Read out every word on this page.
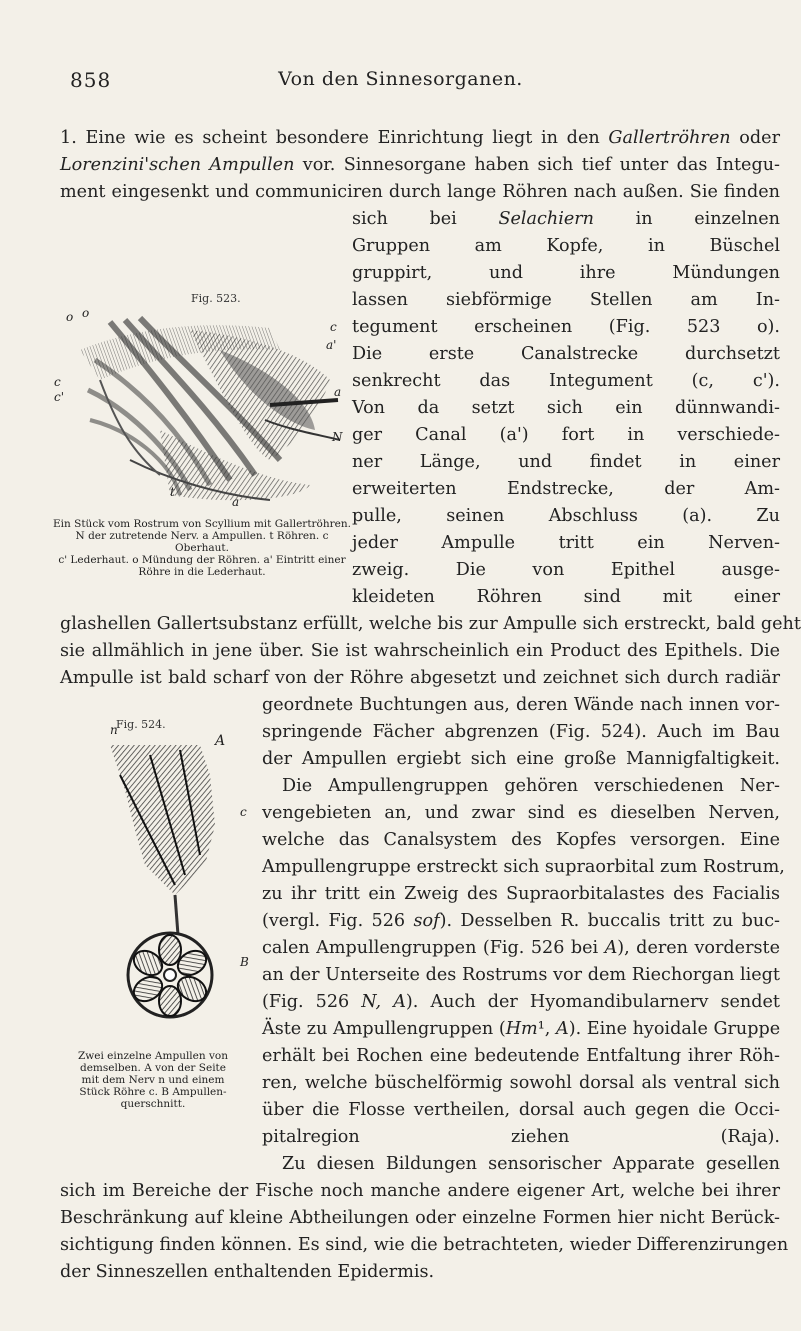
858	Von den Sinnesorganen.
1. Eine wie es scheint besondere Einrichtung liegt in den Gallertröhren oder
Lorenzini'schen Ampullen vor. Sinnesorgane haben sich tief unter das Integu-
ment eingesenkt und communiciren durch lange Röhren nach außen. Sie finden
sich bei Selachiern in einzelnen
Gruppen am Kopfe, in Büschel
gruppirt, und ihre Mündungen
lassen siebförmige Stellen am In-
tegument erscheinen (Fig. 523 o).
Die erste Canalstrecke durchsetzt
senkrecht das Integument (c, c').
Von da setzt sich ein dünnwandi-
ger Canal (a') fort in verschiede-
ner Länge, und findet in einer
erweiterten Endstrecke, der Am-
pulle, seinen Abschluss (a). Zu
jeder Ampulle tritt ein Nerven-
zweig. Die von Epithel ausge-
kleideten Röhren sind mit einer
glashellen Gallertsubstanz erfüllt, welche bis zur Ampulle sich erstreckt, bald geht
sie allmählich in jene über. Sie ist wahrscheinlich ein Product des Epithels. Die
Ampulle ist bald scharf von der Röhre abgesetzt und zeichnet sich durch radiär
geordnete Buchtungen aus, deren Wände nach innen vor-
springende Fächer abgrenzen (Fig. 524). Auch im Bau
der Ampullen ergiebt sich eine große Mannigfaltigkeit.
Die Ampullengruppen gehören verschiedenen Ner-
vengebieten an, und zwar sind es dieselben Nerven,
welche das Canalsystem des Kopfes versorgen. Eine
Ampullengruppe erstreckt sich supraorbital zum Rostrum,
zu ihr tritt ein Zweig des Supraorbitalastes des Facialis
(vergl. Fig. 526 sof). Desselben R. buccalis tritt zu buc-
calen Ampullengruppen (Fig. 526 bei A), deren vorderste
an der Unterseite des Rostrums vor dem Riechorgan liegt
(Fig. 526 N, A). Auch der Hyomandibularnerv sendet
Äste zu Ampullengruppen (Hm¹, A). Eine hyoidale Gruppe
erhält bei Rochen eine bedeutende Entfaltung ihrer Röh-
ren, welche büschelförmig sowohl dorsal als ventral sich
über die Flosse vertheilen, dorsal auch gegen die Occi-
pitalregion ziehen (Raja).
Zu diesen Bildungen sensorischer Apparate gesellen
sich im Bereiche der Fische noch manche andere eigener Art, welche bei ihrer
Beschränkung auf kleine Abtheilungen oder einzelne Formen hier nicht Berück-
sichtigung finden können. Es sind, wie die betrachteten, wieder Differenzirungen
der Sinneszellen enthaltenden Epidermis.
Fig. 523.
o o
c
a'
c
c'	a
N
t
a
Ein Stück vom Rostrum von Scyllium mit Gallertröhren.
N der zutretende Nerv. a Ampullen. t Röhren. c Oberhaut.
c' Lederhaut. o Mündung der Röhren. a' Eintritt einer
Röhre in die Lederhaut.
Fig. 524.
n
A
c
B
Zwei einzelne Ampullen von
demselben. A von der Seite
mit dem Nerv n und einem
Stück Röhre c. B Ampullen-
querschnitt.
